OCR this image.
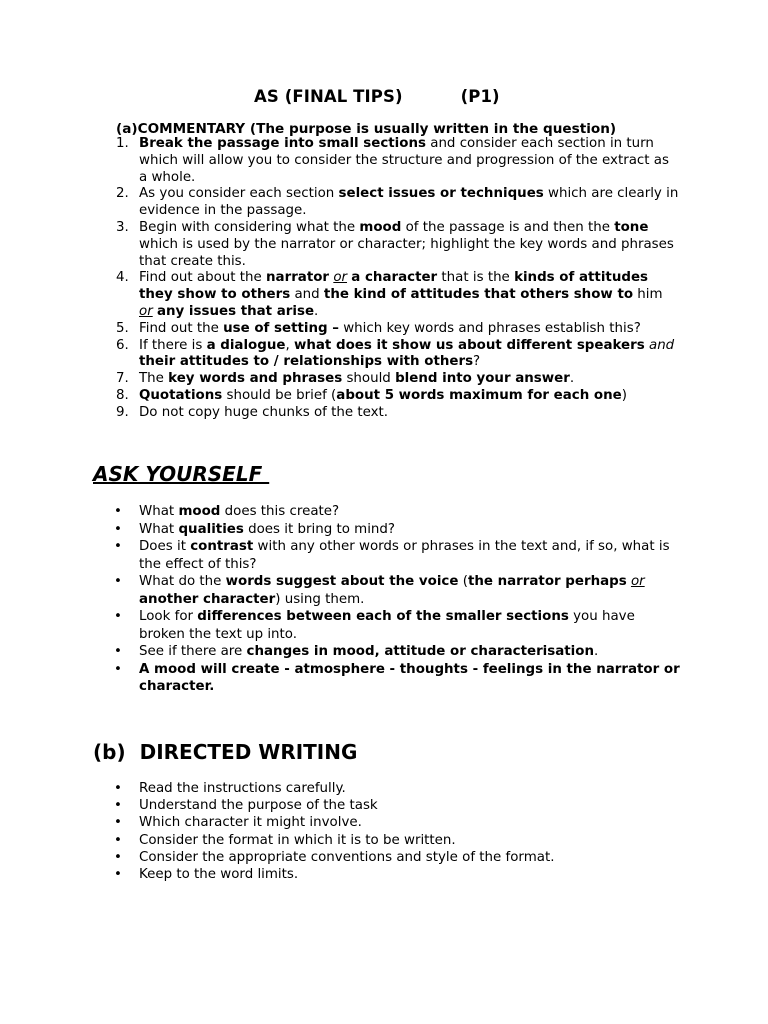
AS (FINAL TIPS)	(P1)
(a)COMMENTARY (The purpose is usually written in the question)
1. Break the passage into small sections and consider each section in turn which will allow you to consider the structure and progression of the extract as a whole.
2. As you consider each section select issues or techniques which are clearly in evidence in the passage.
3. Begin with considering what the mood of the passage is and then the tone which is used by the narrator or character; highlight the key words and phrases that create this.
4. Find out about the narrator or a character that is the kinds of attitudes they show to others and the kind of attitudes that others show to him or any issues that arise.
5. Find out the use of setting – which key words and phrases establish this?
6. If there is a dialogue, what does it show us about different speakers and their attitudes to / relationships with others?
7. The key words and phrases should blend into your answer.
8. Quotations should be brief (about 5 words maximum for each one)
9. Do not copy huge chunks of the text.
ASK YOURSELF
• What mood does this create?
• What qualities does it bring to mind?
• Does it contrast with any other words or phrases in the text and, if so, what is the effect of this?
• What do the words suggest about the voice (the narrator perhaps or another character) using them.
• Look for differences between each of the smaller sections you have broken the text up into.
• See if there are changes in mood, attitude or characterisation.
• A mood will create - atmosphere - thoughts - feelings in the narrator or character.
(b) DIRECTED WRITING
• Read the instructions carefully.
• Understand the purpose of the task
• Which character it might involve.
• Consider the format in which it is to be written.
• Consider the appropriate conventions and style of the format.
• Keep to the word limits.
